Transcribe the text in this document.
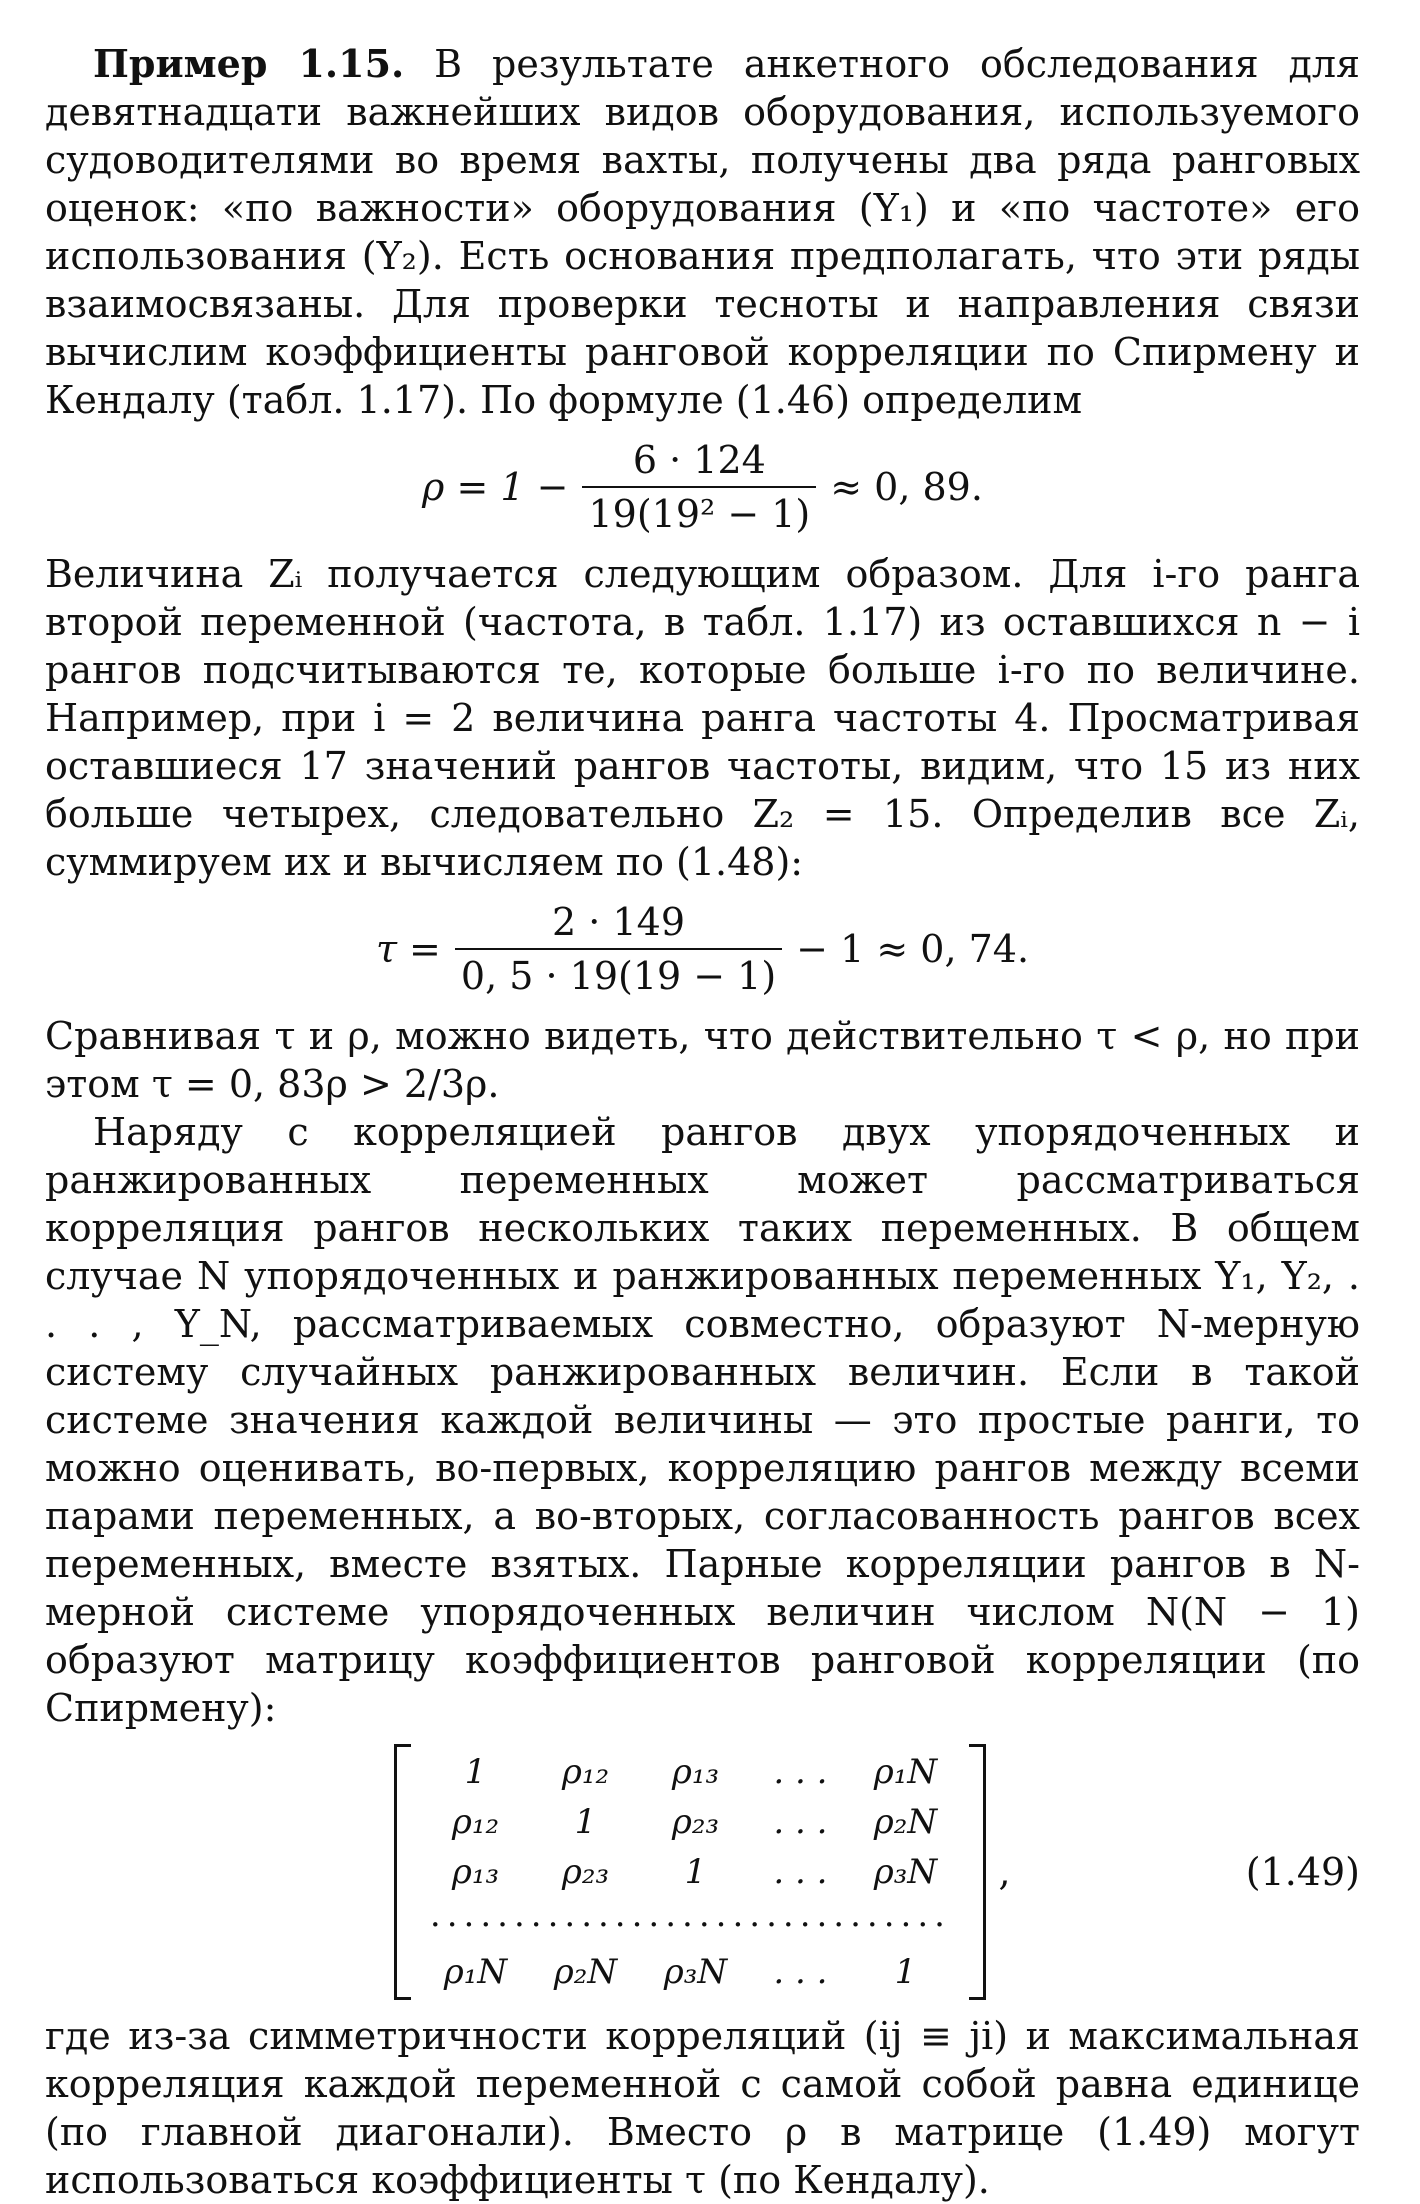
Пример 1.15. В результате анкетного обследования для девятнадцати важнейших видов оборудования, используемого судоводителями во время вахты, получены два ряда ранговых оценок: «по важности» оборудования (Y₁) и «по частоте» его использования (Y₂). Есть основания предполагать, что эти ряды взаимосвязаны. Для проверки тесноты и направления связи вычислим коэффициенты ранговой корреляции по Спирмену и Кендалу (табл. 1.17). По формуле (1.46) определим

$\rho = 1 - \frac{6 \cdot 124}{\text{19(19² − 1)}} \approx 0$, 89.

Величина Zᵢ получается следующим образом. Для i-го ранга второй переменной (частота, в табл. 1.17) из оставшихся n − i рангов подсчитываются те, которые больше i-го по величине. Например, при i = 2 величина ранга частоты 4. Просматривая оставшиеся 17 значений рангов частоты, видим, что 15 из них больше четырех, следовательно Z₂ = 15. Определив все Zᵢ, суммируем их и вычисляем по (1.48):

$\tau = \frac{2 \cdot 149}{0, 5 \cdot 19(19 - 1)} - 1 \approx 0$, 74.

Сравнивая τ и ρ, можно видеть, что действительно τ < ρ, но при этом τ = 0, 83ρ > 2/3ρ.

Наряду с корреляцией рангов двух упорядоченных и ранжированных переменных может рассматриваться корреляция рангов нескольких таких переменных. В общем случае N упорядоченных и ранжированных переменных Y₁, Y₂, . . . , Y_N, рассматриваемых совместно, образуют N-мерную систему случайных ранжированных величин. Если в такой системе значения каждой величины — это простые ранги, то можно оценивать, во-первых, корреляцию рангов между всеми парами переменных, а во-вторых, согласованность рангов всех переменных, вместе взятых. Парные корреляции рангов в N-мерной системе упорядоченных величин числом N(N − 1) образуют матрицу коэффициентов ранговой корреляции (по Спирмену):

1	ρ₁₂	ρ₁₃	. . .	ρ₁N
ρ₁₂	1	ρ₂₃	. . .	ρ₂N
ρ₁₃	ρ₂₃	1	. . .	ρ₃N
...............................
ρ₁N	ρ₂N	ρ₃N	. . .	1
,	(1.49)

где из-за симметричности корреляций (ij ≡ ji) и максимальная корреляция каждой переменной с самой собой равна единице (по главной диагонали). Вместо ρ в матрице (1.49) могут использоваться коэффициенты τ (по Кендалу).
